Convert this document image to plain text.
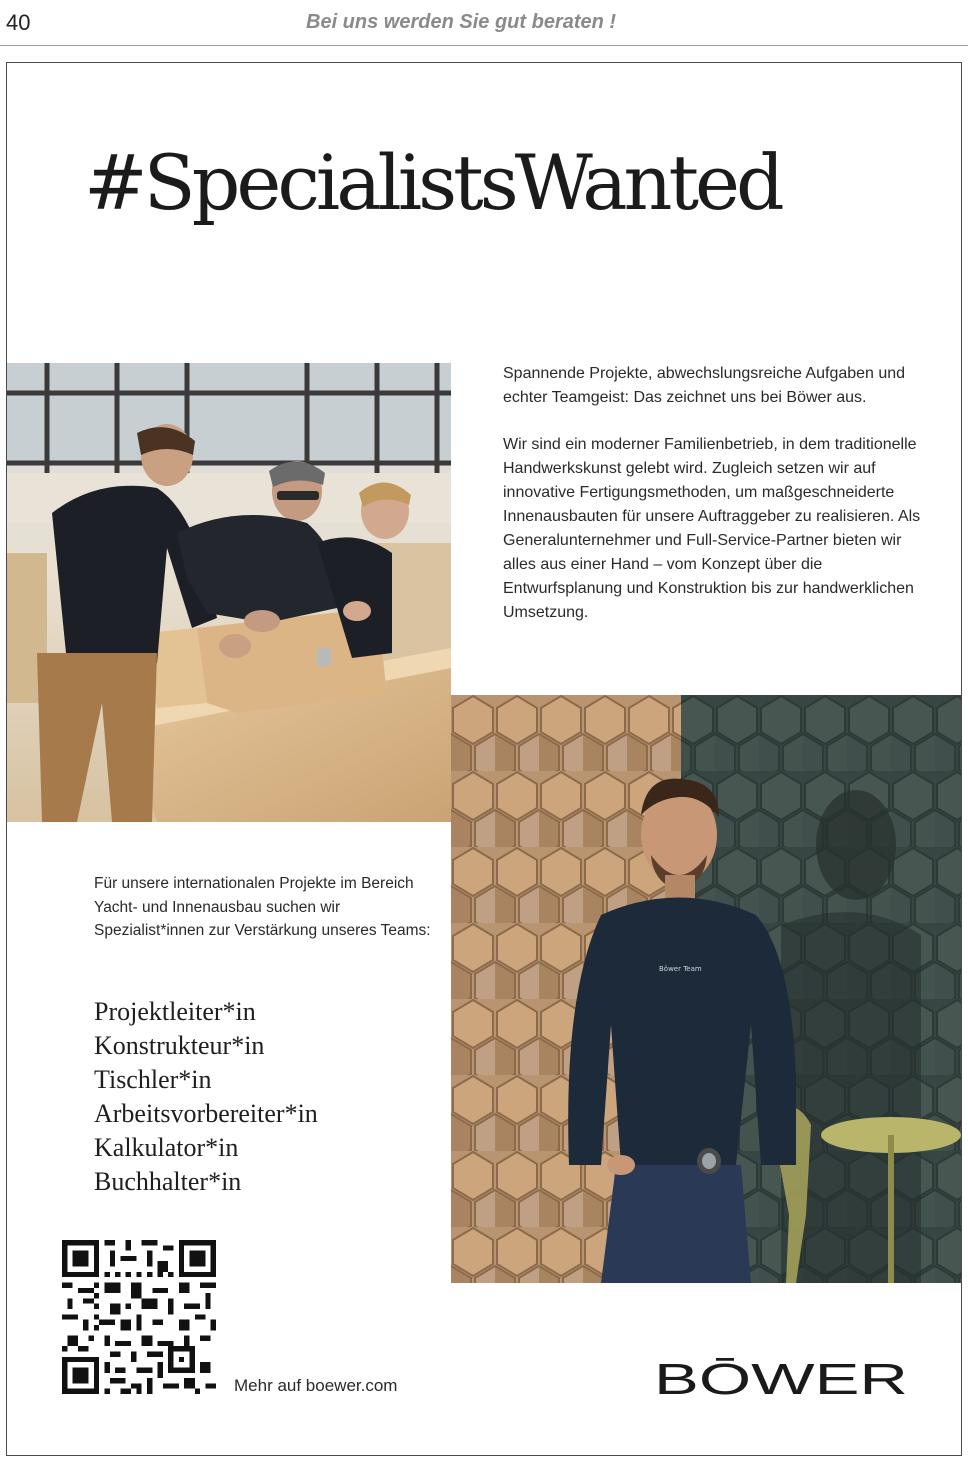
40	Bei uns werden Sie gut beraten !
#SpecialistsWanted

Spannende Projekte, abwechslungsreiche Aufgaben und echter Teamgeist: Das zeichnet uns bei Böwer aus.

Wir sind ein moderner Familienbetrieb, in dem traditionelle Handwerkskunst gelebt wird. Zugleich setzen wir auf innovative Fertigungsmethoden, um maßgeschneiderte Innenausbauten für unsere Auftraggeber zu realisieren. Als Generalunternehmer und Full-Service-Partner bieten wir alles aus einer Hand – vom Konzept über die Entwurfsplanung und Konstruktion bis zur handwerklichen Umsetzung.

Böwer Team
Für unsere internationalen Projekte im Bereich Yacht- und Innenausbau suchen wir Spezialist*innen zur Verstärkung unseres Teams:
Projektleiter*in
Konstrukteur*in
Tischler*in
Arbeitsvorbereiter*in
Kalkulator*in
Buchhalter*in
Mehr auf boewer.com	BŌWER
